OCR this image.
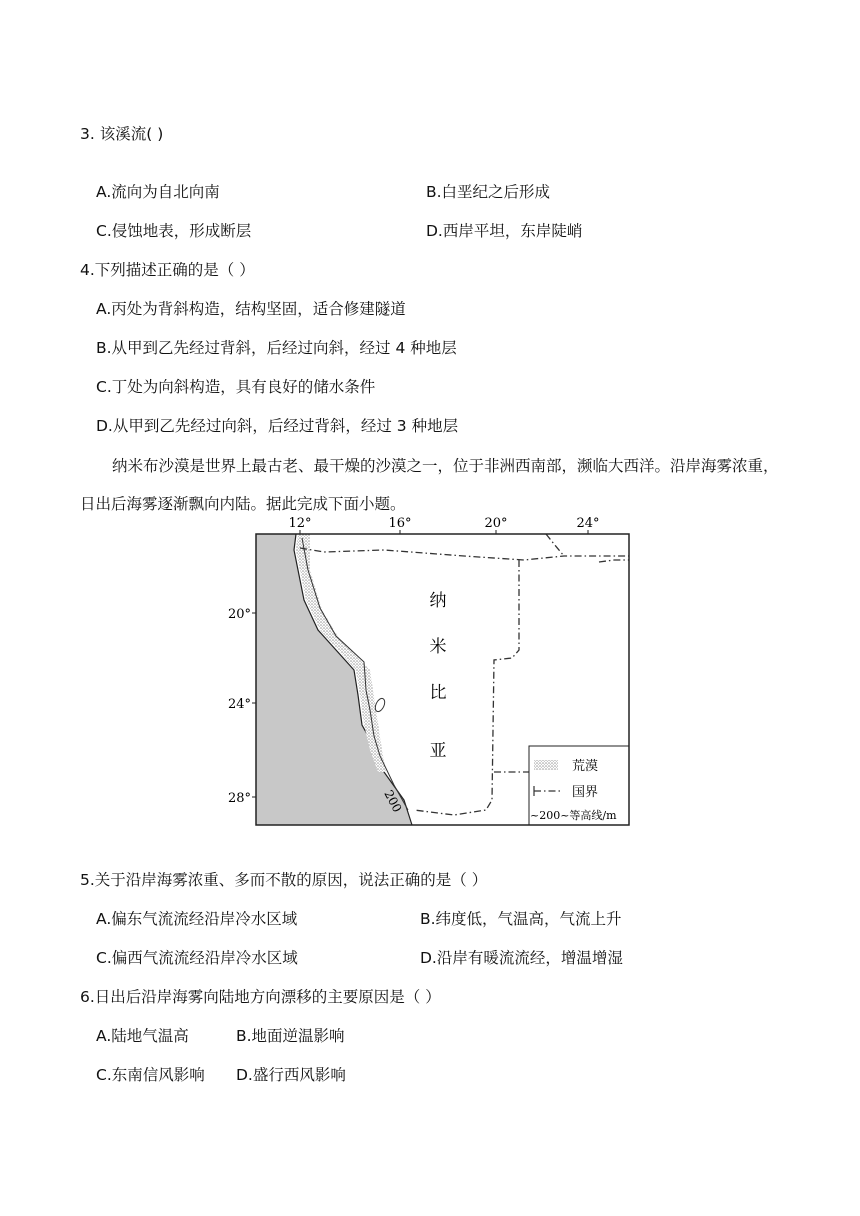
3. 该溪流( )
A.流向为自北向南	B.白垩纪之后形成
C.侵蚀地表，形成断层	D.西岸平坦，东岸陡峭
4.下列描述正确的是（ ）
A.丙处为背斜构造，结构坚固，适合修建隧道
B.从甲到乙先经过背斜，后经过向斜，经过 4 种地层
C.丁处为向斜构造，具有良好的储水条件
D.从甲到乙先经过向斜，后经过背斜，经过 3 种地层
纳米布沙漠是世界上最古老、最干燥的沙漠之一，位于非洲西南部，濒临大西洋。沿岸海雾浓重，日出后海雾逐渐飘向内陆。据此完成下面小题。
200
纳
米
比
亚
12°	16°	20°	24°
20°
24°
28°
荒漠
国界
~200~等高线/m
5.关于沿岸海雾浓重、多而不散的原因，说法正确的是（ ）
A.偏东气流流经沿岸冷水区域	B.纬度低，气温高，气流上升
C.偏西气流流经沿岸冷水区域	D.沿岸有暖流流经，增温增湿
6.日出后沿岸海雾向陆地方向漂移的主要原因是（ ）
A.陆地气温高	B.地面逆温影响
C.东南信风影响 D.盛行西风影响
